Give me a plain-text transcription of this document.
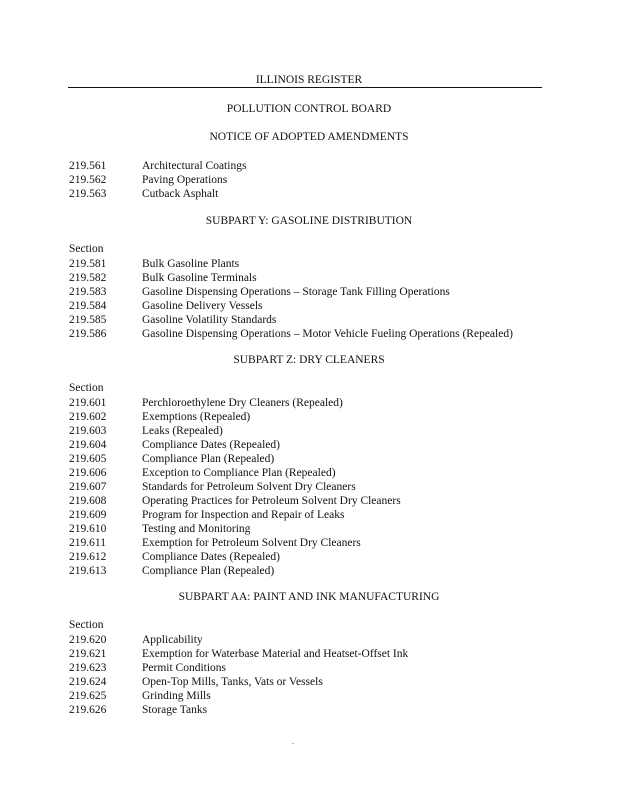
ILLINOIS REGISTER
POLLUTION CONTROL BOARD
NOTICE OF ADOPTED AMENDMENTS
219.561	Architectural Coatings
219.562	Paving Operations
219.563	Cutback Asphalt
SUBPART Y: GASOLINE DISTRIBUTION
Section
219.581	Bulk Gasoline Plants
219.582	Bulk Gasoline Terminals
219.583	Gasoline Dispensing Operations – Storage Tank Filling Operations
219.584	Gasoline Delivery Vessels
219.585	Gasoline Volatility Standards
219.586	Gasoline Dispensing Operations – Motor Vehicle Fueling Operations (Repealed)
SUBPART Z: DRY CLEANERS
Section
219.601	Perchloroethylene Dry Cleaners (Repealed)
219.602	Exemptions (Repealed)
219.603	Leaks (Repealed)
219.604	Compliance Dates (Repealed)
219.605	Compliance Plan (Repealed)
219.606	Exception to Compliance Plan (Repealed)
219.607	Standards for Petroleum Solvent Dry Cleaners
219.608	Operating Practices for Petroleum Solvent Dry Cleaners
219.609	Program for Inspection and Repair of Leaks
219.610	Testing and Monitoring
219.611	Exemption for Petroleum Solvent Dry Cleaners
219.612	Compliance Dates (Repealed)
219.613	Compliance Plan (Repealed)
SUBPART AA: PAINT AND INK MANUFACTURING
Section
219.620	Applicability
219.621	Exemption for Waterbase Material and Heatset-Offset Ink
219.623	Permit Conditions
219.624	Open-Top Mills, Tanks, Vats or Vessels
219.625	Grinding Mills
219.626	Storage Tanks
.
